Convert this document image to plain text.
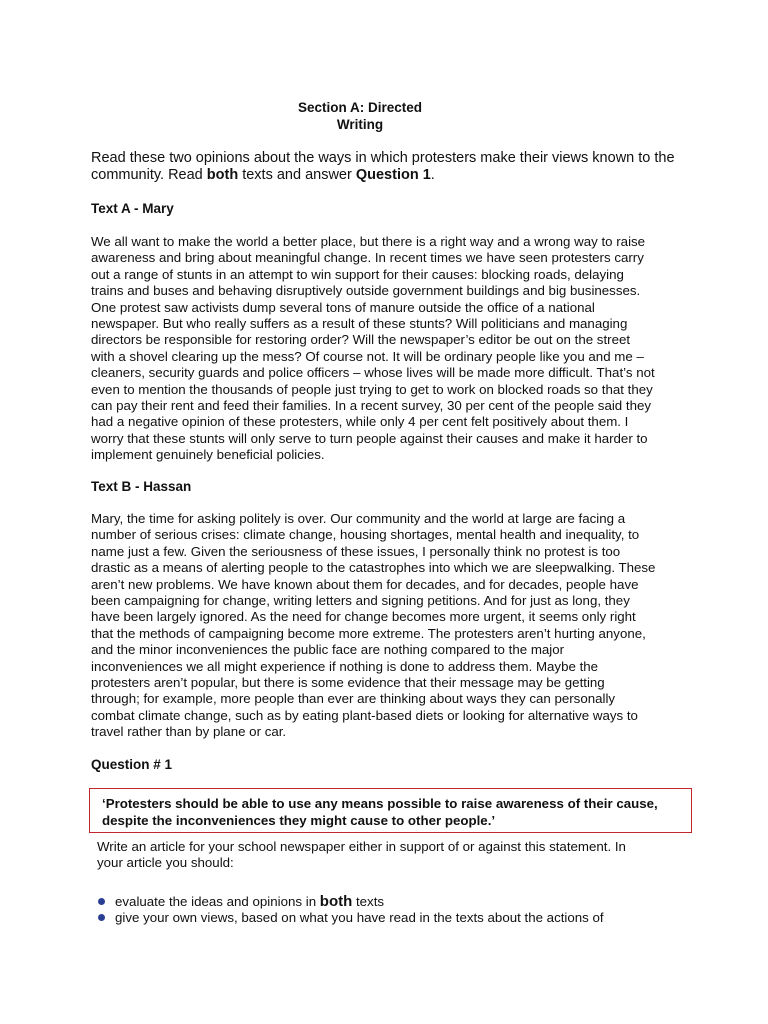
Section A: Directed
Writing
Read these two opinions about the ways in which protesters make their views known to the
community. Read both texts and answer Question 1.
Text A - Mary
We all want to make the world a better place, but there is a right way and a wrong way to raise
awareness and bring about meaningful change. In recent times we have seen protesters carry
out a range of stunts in an attempt to win support for their causes: blocking roads, delaying
trains and buses and behaving disruptively outside government buildings and big businesses.
One protest saw activists dump several tons of manure outside the office of a national
newspaper. But who really suffers as a result of these stunts? Will politicians and managing
directors be responsible for restoring order? Will the newspaper’s editor be out on the street
with a shovel clearing up the mess? Of course not. It will be ordinary people like you and me –
cleaners, security guards and police officers – whose lives will be made more difficult. That’s not
even to mention the thousands of people just trying to get to work on blocked roads so that they
can pay their rent and feed their families. In a recent survey, 30 per cent of the people said they
had a negative opinion of these protesters, while only 4 per cent felt positively about them. I
worry that these stunts will only serve to turn people against their causes and make it harder to
implement genuinely beneficial policies.
Text B - Hassan
Mary, the time for asking politely is over. Our community and the world at large are facing a
number of serious crises: climate change, housing shortages, mental health and inequality, to
name just a few. Given the seriousness of these issues, I personally think no protest is too
drastic as a means of alerting people to the catastrophes into which we are sleepwalking. These
aren’t new problems. We have known about them for decades, and for decades, people have
been campaigning for change, writing letters and signing petitions. And for just as long, they
have been largely ignored. As the need for change becomes more urgent, it seems only right
that the methods of campaigning become more extreme. The protesters aren’t hurting anyone,
and the minor inconveniences the public face are nothing compared to the major
inconveniences we all might experience if nothing is done to address them. Maybe the
protesters aren’t popular, but there is some evidence that their message may be getting
through; for example, more people than ever are thinking about ways they can personally
combat climate change, such as by eating plant-based diets or looking for alternative ways to
travel rather than by plane or car.
Question # 1
‘Protesters should be able to use any means possible to raise awareness of their cause,
despite the inconveniences they might cause to other people.’
Write an article for your school newspaper either in support of or against this statement. In
your article you should:
evaluate the ideas and opinions in both texts
give your own views, based on what you have read in the texts about the actions of
